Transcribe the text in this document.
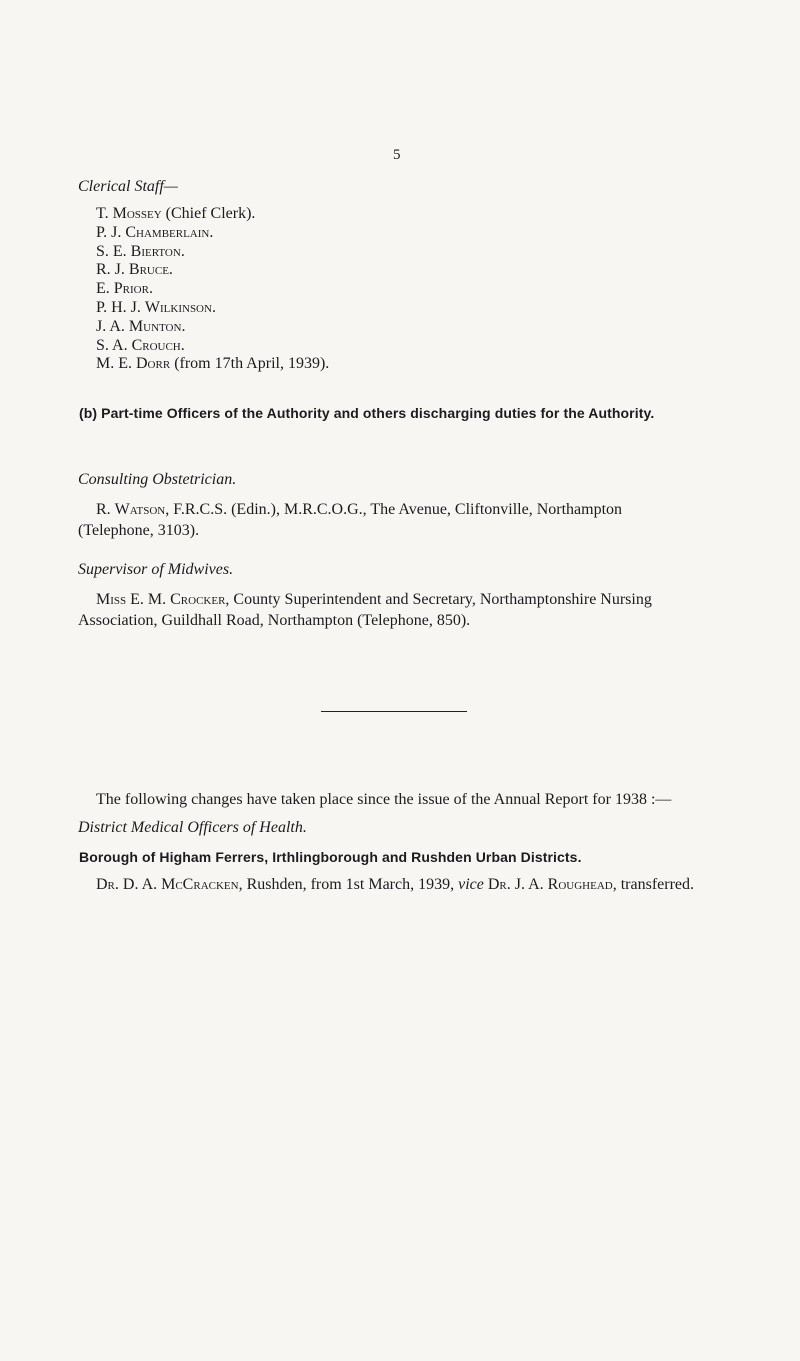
5
Clerical Staff—
T. Mossey (Chief Clerk).
P. J. Chamberlain.
S. E. Bierton.
R. J. Bruce.
E. Prior.
P. H. J. Wilkinson.
J. A. Munton.
S. A. Crouch.
M. E. Dorr (from 17th April, 1939).
(b) Part-time Officers of the Authority and others discharging duties for the Authority.
Consulting Obstetrician.
R. Watson, F.R.C.S. (Edin.), M.R.C.O.G., The Avenue, Cliftonville, Northampton
(Telephone, 3103).
Supervisor of Midwives.
Miss E. M. Crocker, County Superintendent and Secretary, Northamptonshire Nursing
Association, Guildhall Road, Northampton (Telephone, 850).
The following changes have taken place since the issue of the Annual Report for 1938 :—
District Medical Officers of Health.
Borough of Higham Ferrers, Irthlingborough and Rushden Urban Districts.
Dr. D. A. McCracken, Rushden, from 1st March, 1939, vice Dr. J. A. Roughead, transferred.
